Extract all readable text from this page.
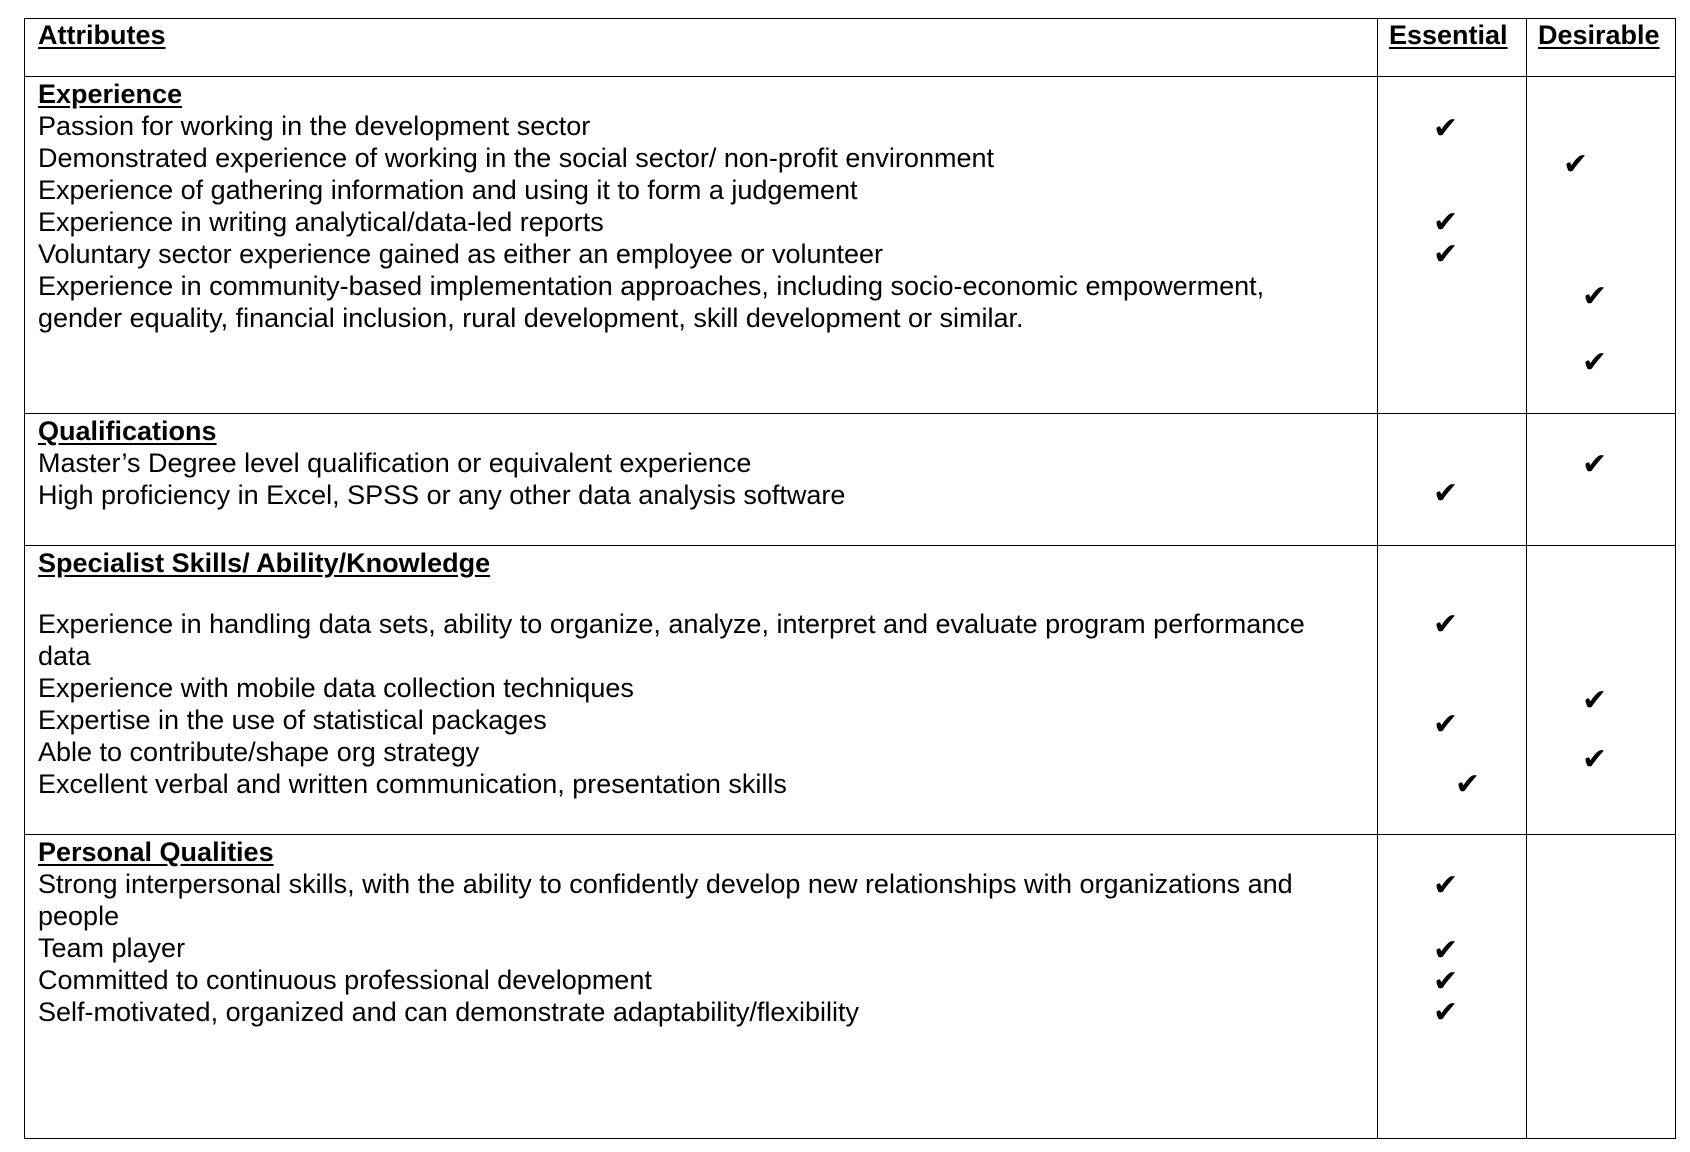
Attributes	Essential Desirable
Experience
Passion for working in the development sector
Demonstrated experience of working in the social sector/ non-profit environment
Experience of gathering information and using it to form a judgement
Experience in writing analytical/data-led reports
Voluntary sector experience gained as either an employee or volunteer
Experience in community-based implementation approaches, including socio-economic empowerment,
gender equality, financial inclusion, rural development, skill development or similar.
✔
✔
✔
✔
✔
✔
Qualifications
Master’s Degree level qualification or equivalent experience
High proficiency in Excel, SPSS or any other data analysis software
✔
✔
Specialist Skills/ Ability/Knowledge
Experience in handling data sets, ability to organize, analyze, interpret and evaluate program performance
data
Experience with mobile data collection techniques
Expertise in the use of statistical packages
Able to contribute/shape org strategy
Excellent verbal and written communication, presentation skills
✔
✔
✔
✔
✔
Personal Qualities
Strong interpersonal skills, with the ability to confidently develop new relationships with organizations and
people
Team player
Committed to continuous professional development
Self-motivated, organized and can demonstrate adaptability/flexibility
✔
✔
✔
✔
